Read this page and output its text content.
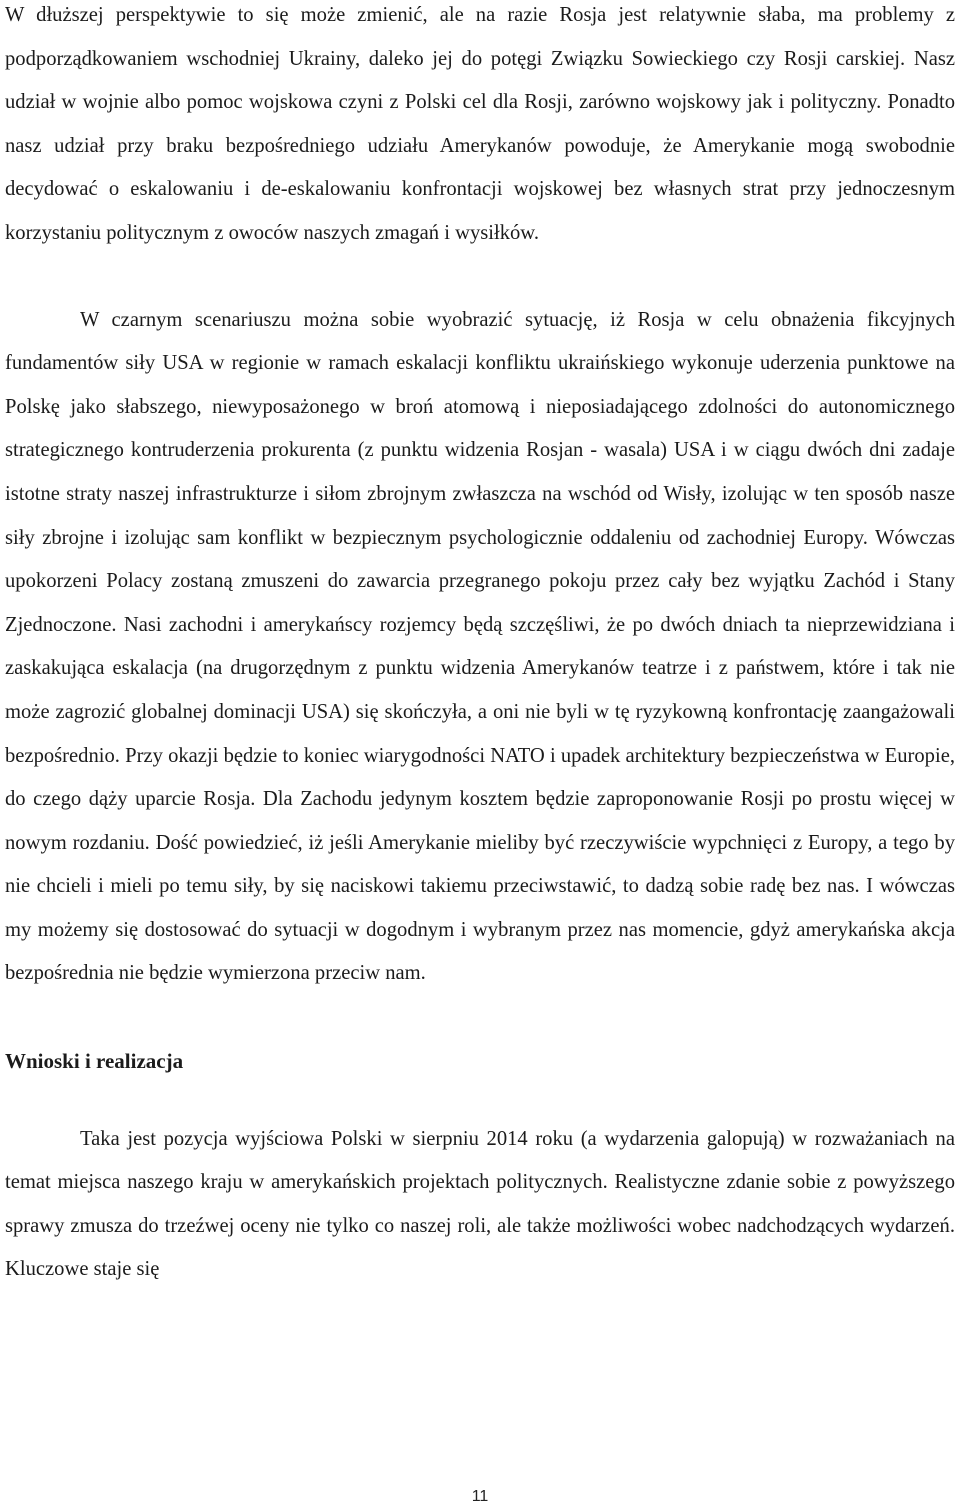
W dłuższej perspektywie to się może zmienić, ale na razie Rosja jest relatywnie słaba, ma problemy z podporządkowaniem wschodniej Ukrainy, daleko jej do potęgi Związku Sowieckiego czy Rosji carskiej. Nasz udział w wojnie albo pomoc wojskowa czyni z Polski cel dla Rosji, zarówno wojskowy jak i polityczny. Ponadto nasz udział przy braku bezpośredniego udziału Amerykanów powoduje, że Amerykanie mogą swobodnie decydować o eskalowaniu i de-eskalowaniu konfrontacji wojskowej bez własnych strat przy jednoczesnym korzystaniu politycznym z owoców naszych zmagań i wysiłków.

W czarnym scenariuszu można sobie wyobrazić sytuację, iż Rosja w celu obnażenia fikcyjnych fundamentów siły USA w regionie w ramach eskalacji konfliktu ukraińskiego wykonuje uderzenia punktowe na Polskę jako słabszego, niewyposażonego w broń atomową i nieposiadającego zdolności do autonomicznego strategicznego kontruderzenia prokurenta (z punktu widzenia Rosjan - wasala) USA i w ciągu dwóch dni zadaje istotne straty naszej infrastrukturze i siłom zbrojnym zwłaszcza na wschód od Wisły, izolując w ten sposób nasze siły zbrojne i izolując sam konflikt w bezpiecznym psychologicznie oddaleniu od zachodniej Europy. Wówczas upokorzeni Polacy zostaną zmuszeni do zawarcia przegranego pokoju przez cały bez wyjątku Zachód i Stany Zjednoczone. Nasi zachodni i amerykańscy rozjemcy będą szczęśliwi, że po dwóch dniach ta nieprzewidziana i zaskakująca eskalacja (na drugorzędnym z punktu widzenia Amerykanów teatrze i z państwem, które i tak nie może zagrozić globalnej dominacji USA) się skończyła, a oni nie byli w tę ryzykowną konfrontację zaangażowali bezpośrednio. Przy okazji będzie to koniec wiarygodności NATO i upadek architektury bezpieczeństwa w Europie, do czego dąży uparcie Rosja. Dla Zachodu jedynym kosztem będzie zaproponowanie Rosji po prostu więcej w nowym rozdaniu. Dość powiedzieć, iż jeśli Amerykanie mieliby być rzeczywiście wypchnięci z Europy, a tego by nie chcieli i mieli po temu siły, by się naciskowi takiemu przeciwstawić, to dadzą sobie radę bez nas. I wówczas my możemy się dostosować do sytuacji w dogodnym i wybranym przez nas momencie, gdyż amerykańska akcja bezpośrednia nie będzie wymierzona przeciw nam.

Wnioski i realizacja

Taka jest pozycja wyjściowa Polski w sierpniu 2014 roku (a wydarzenia galopują) w rozważaniach na temat miejsca naszego kraju w amerykańskich projektach politycznych. Realistyczne zdanie sobie z powyższego sprawy zmusza do trzeźwej oceny nie tylko co naszej roli, ale także możliwości wobec nadchodzących wydarzeń. Kluczowe staje się

11
